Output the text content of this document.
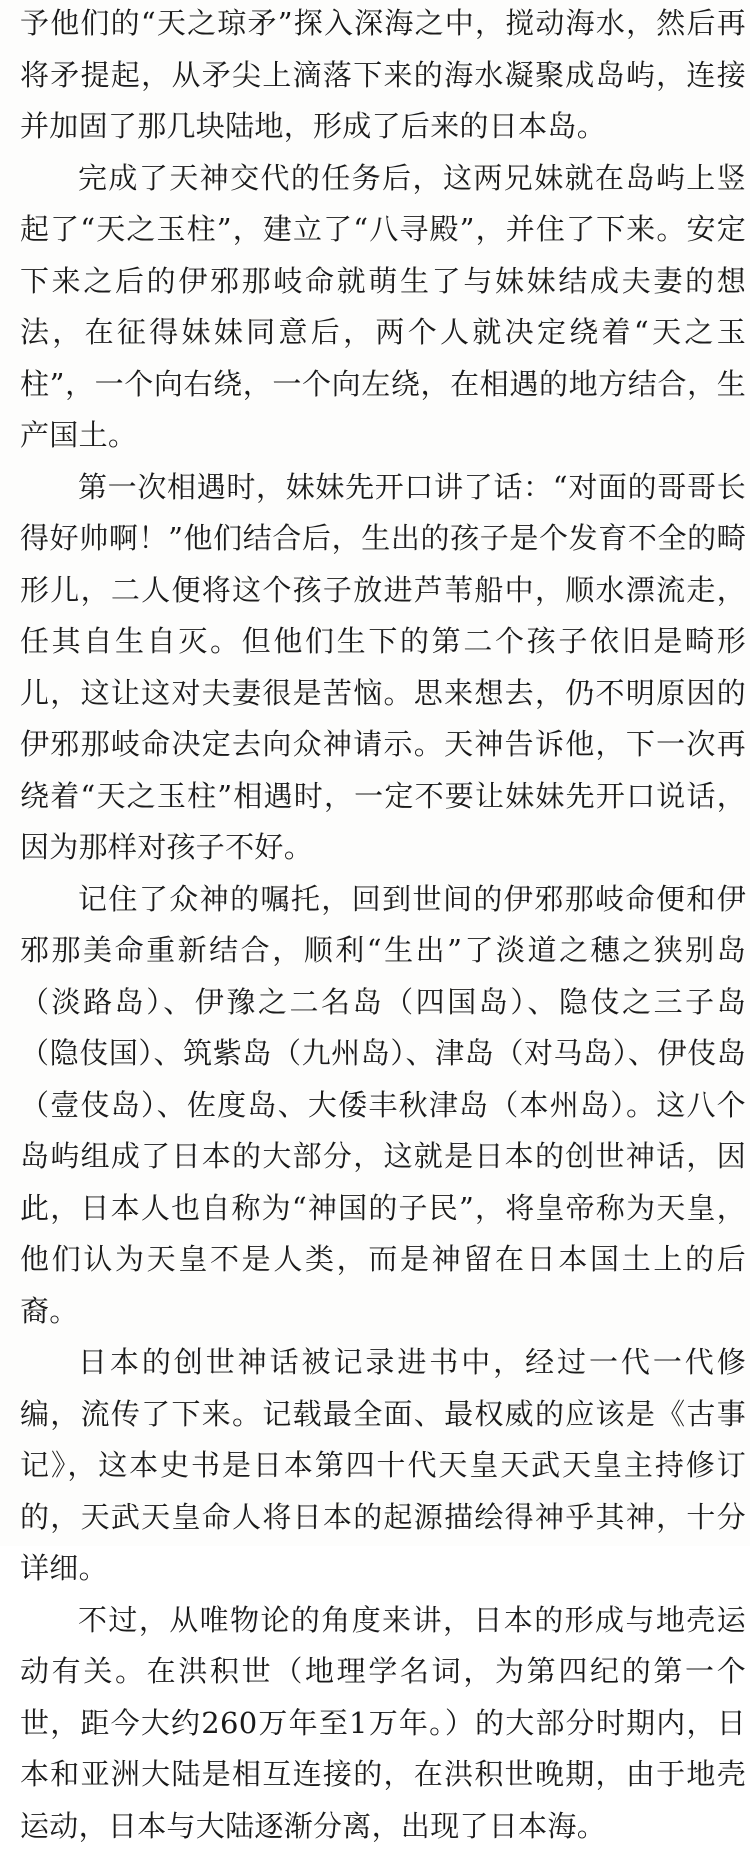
予他们的“天之琼矛”探入深海之中，搅动海水，然后再将矛提起，从矛尖上滴落下来的海水凝聚成岛屿，连接并加固了那几块陆地，形成了后来的日本岛。

完成了天神交代的任务后，这两兄妹就在岛屿上竖起了“天之玉柱”，建立了“八寻殿”，并住了下来。安定下来之后的伊邪那岐命就萌生了与妹妹结成夫妻的想法，在征得妹妹同意后，两个人就决定绕着“天之玉柱”，一个向右绕，一个向左绕，在相遇的地方结合，生产国土。

第一次相遇时，妹妹先开口讲了话：“对面的哥哥长得好帅啊！”他们结合后，生出的孩子是个发育不全的畸形儿，二人便将这个孩子放进芦苇船中，顺水漂流走，任其自生自灭。但他们生下的第二个孩子依旧是畸形儿，这让这对夫妻很是苦恼。思来想去，仍不明原因的伊邪那岐命决定去向众神请示。天神告诉他，下一次再绕着“天之玉柱”相遇时，一定不要让妹妹先开口说话，因为那样对孩子不好。

记住了众神的嘱托，回到世间的伊邪那岐命便和伊邪那美命重新结合，顺利“生出”了淡道之穗之狭别岛（淡路岛）、伊豫之二名岛（四国岛）、隐伎之三子岛（隐伎国）、筑紫岛（九州岛）、津岛（对马岛）、伊伎岛（壹伎岛）、佐度岛、大倭丰秋津岛（本州岛）。这八个岛屿组成了日本的大部分，这就是日本的创世神话，因此，日本人也自称为“神国的子民”，将皇帝称为天皇，他们认为天皇不是人类，而是神留在日本国土上的后裔。

日本的创世神话被记录进书中，经过一代一代修编，流传了下来。记载最全面、最权威的应该是《古事记》，这本史书是日本第四十代天皇天武天皇主持修订的，天武天皇命人将日本的起源描绘得神乎其神，十分详细。

不过，从唯物论的角度来讲，日本的形成与地壳运动有关。在洪积世（地理学名词，为第四纪的第一个世，距今大约260万年至1万年。）的大部分时期内，日本和亚洲大陆是相互连接的，在洪积世晚期，由于地壳运动，日本与大陆逐渐分离，出现了日本海。
